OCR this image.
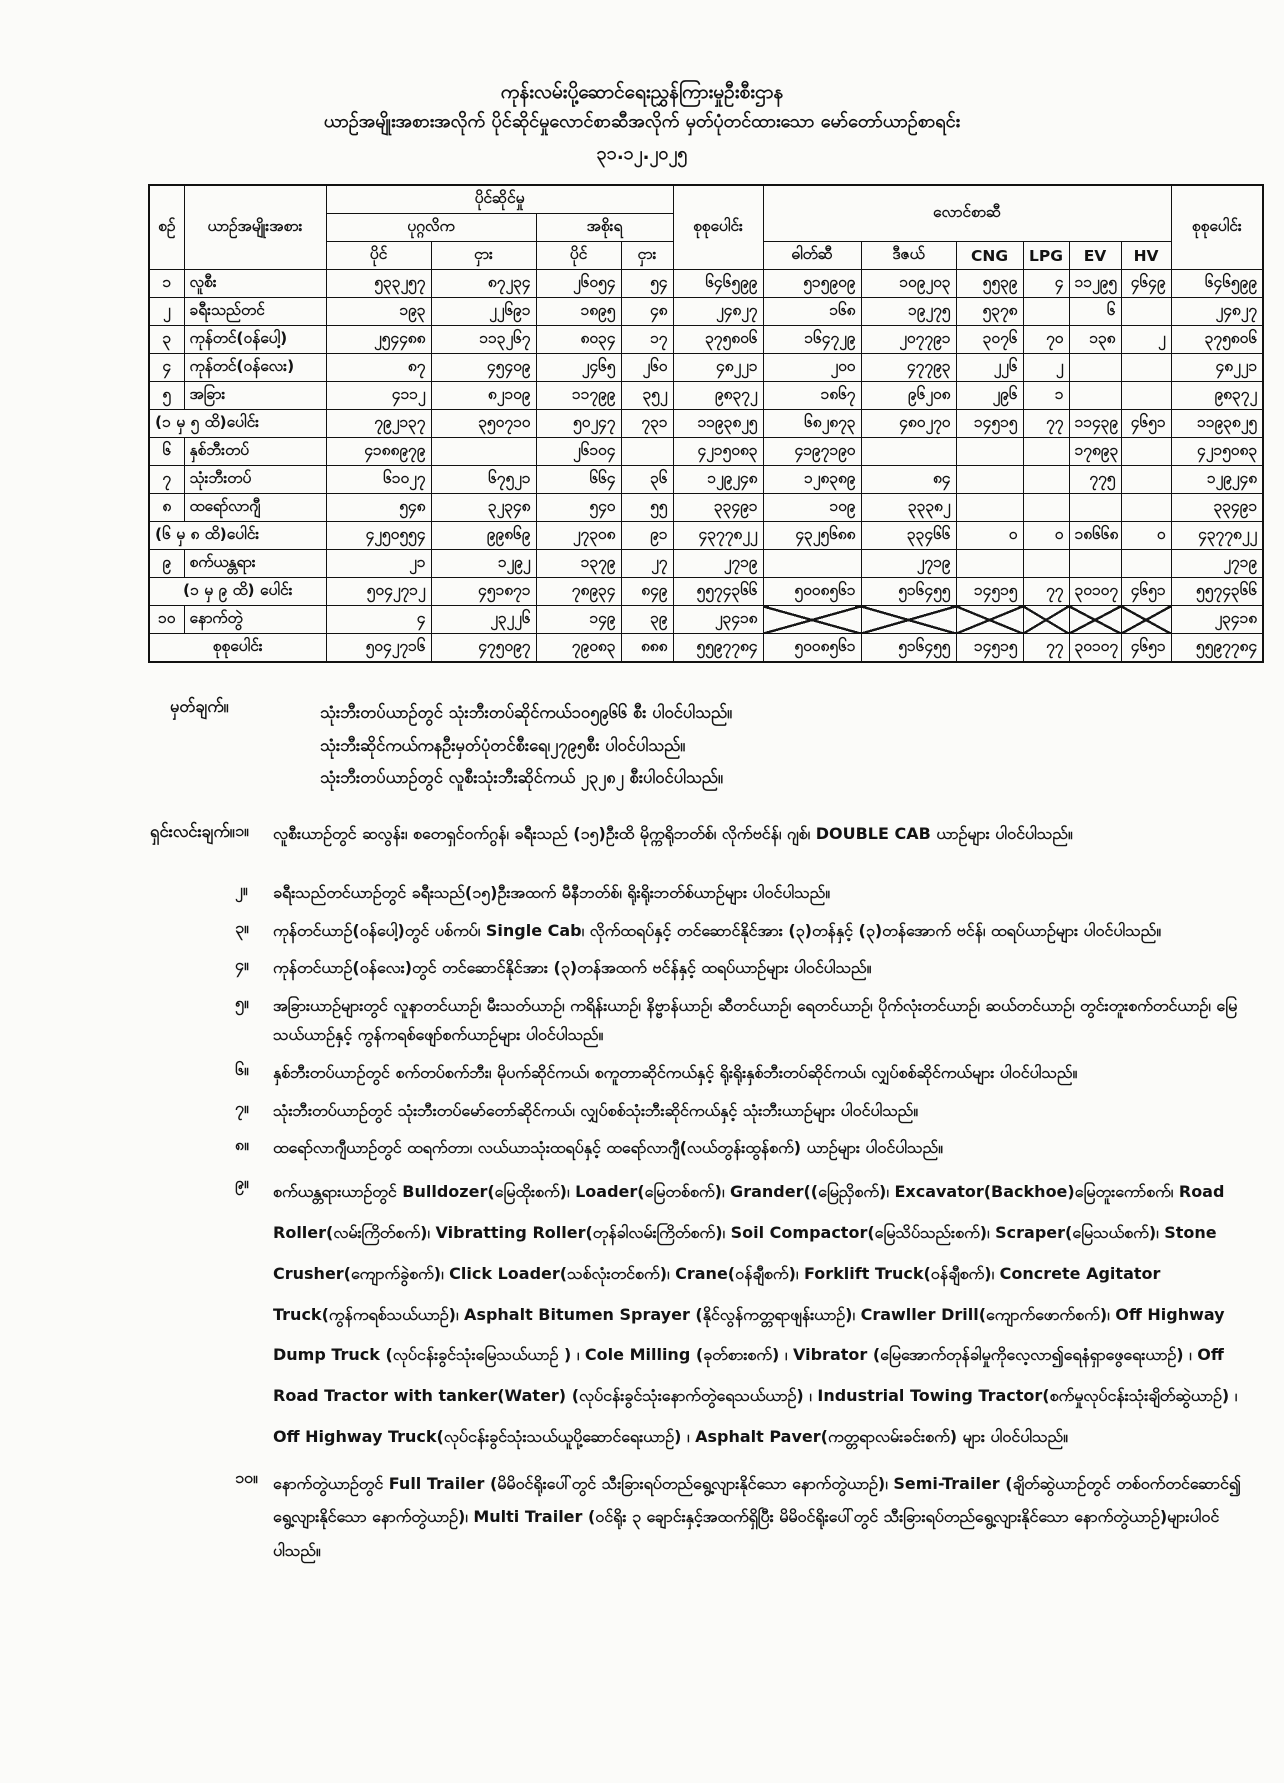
ကုန်းလမ်းပို့ဆောင်ရေးညွှန်ကြားမှုဦးစီးဌာန
ယာဉ်အမျိုးအစားအလိုက် ပိုင်ဆိုင်မှုလောင်စာဆီအလိုက် မှတ်ပုံတင်ထားသော မော်တော်ယာဉ်စာရင်း
၃၁.၁၂.၂၀၂၅
စဉ်	ယာဉ်အမျိုးအစား	ပိုင်ဆိုင်မှု				စုစုပေါင်း	လောင်စာဆီ						စုစုပေါင်း
		ပုဂ္ဂလိက		အစိုးရ									
		ပိုင်	ငှား	ပိုင်	ငှား		ဓါတ်ဆီ	ဒီဇယ်	CNG	LPG	EV	HV	
၁	လူစီး	၅၃၃၂၅၇	၈၇၂၃၄	၂၆၀၅၄	၅၄	၆၄၆၅၉၉	၅၁၅၉၀၉	၁၀၉၂၀၃	၅၅၃၉	၄	၁၁၂၉၅	၄၆၄၉	၆၄၆၅၉၉
၂	ခရီးသည်တင်	၁၉၃	၂၂၆၉၁	၁၈၉၅	၄၈	၂၄၈၂၇	၁၆၈	၁၉၂၇၅	၅၃၇၈		၆		၂၄၈၂၇
၃	ကုန်တင်(ဝန်ပေါ့)	၂၅၄၄၈၈	၁၁၃၂၆၇	၈၀၃၄	၁၇	၃၇၅၈၀၆	၁၆၄၇၂၉	၂၀၇၇၉၁	၃၀၇၆	၇၀	၁၃၈	၂	၃၇၅၈၀၆
၄	ကုန်တင်(ဝန်လေး)	၈၇	၄၅၄၀၉	၂၄၆၅	၂၆၀	၄၈၂၂၁	၂၀၀	၄၇၇၉၃	၂၂၆	၂			၄၈၂၂၁
၅	အခြား	၄၁၁၂	၈၂၁၀၉	၁၁၇၉၉	၃၅၂	၉၈၃၇၂	၁၈၆၇	၉၆၂၀၈	၂၉၆	၁			၉၈၃၇၂
(၁ မှ ၅ ထိ)ပေါင်း		၇၉၂၁၃၇	၃၅၀၇၁၀	၅၀၂၄၇	၇၃၁	၁၁၉၃၈၂၅	၆၈၂၈၇၃	၄၈၀၂၇၀	၁၄၅၁၅	၇၇	၁၁၄၃၉	၄၆၅၁	၁၁၉၃၈၂၅
၆	နှစ်ဘီးတပ်	၄၁၈၈၉၇၉		၂၆၁၀၄		၄၂၁၅၀၈၃	၄၁၉၇၁၉၀				၁၇၈၉၃		၄၂၁၅၀၈၃
၇	သုံးဘီးတပ်	၆၁၀၂၇	၆၇၅၂၁	၆၆၄	၃၆	၁၂၉၂၄၈	၁၂၈၃၈၉	၈၄			၇၇၅		၁၂၉၂၄၈
၈	ထရော်လာဂျီ	၅၄၈	၃၂၃၄၈	၅၄၀	၅၅	၃၃၄၉၁	၁၀၉	၃၃၃၈၂					၃၃၄၉၁
(၆ မှ ၈ ထိ)ပေါင်း		၄၂၅၀၅၅၄	၉၉၈၆၉	၂၇၃၀၈	၉၁	၄၃၇၇၈၂၂	၄၃၂၅၆၈၈	၃၃၄၆၆	၀	၀	၁၈၆၆၈	၀	၄၃၇၇၈၂၂
၉	စက်ယန္တရား	၂၁	၁၂၉၂	၁၃၇၉	၂၇	၂၇၁၉		၂၇၁၉					၂၇၁၉
(၁ မှ ၉ ထိ) ပေါင်း		၅၀၄၂၇၁၂	၄၅၁၈၇၁	၇၈၉၃၄	၈၄၉	၅၅၇၄၃၆၆	၅၀၀၈၅၆၁	၅၁၆၄၅၅	၁၄၅၁၅	၇၇	၃၀၁၀၇	၄၆၅၁	၅၅၇၄၃၆၆
၁၀	နောက်တွဲ	၄	၂၃၂၂၆	၁၄၉	၃၉	၂၃၄၁၈							၂၃၄၁၈
စုစုပေါင်း		၅၀၄၂၇၁၆	၄၇၅၀၉၇	၇၉၀၈၃	၈၈၈	၅၅၉၇၇၈၄	၅၀၀၈၅၆၁	၅၁၆၄၅၅	၁၄၅၁၅	၇၇	၃၀၁၀၇	၄၆၅၁	၅၅၉၇၇၈၄
မှတ်ချက်။	သုံးဘီးတပ်ယာဉ်တွင် သုံးဘီးတပ်ဆိုင်ကယ်၁၀၅၉၆၆ စီး ပါဝင်ပါသည်။
သုံးဘီးဆိုင်ကယ်ကနဦးမှတ်ပုံတင်စီးရေ၊၂၇၉၅စီး ပါဝင်ပါသည်။
သုံးဘီးတပ်ယာဉ်တွင် လူစီးသုံးဘီးဆိုင်ကယ် ၂၃၂၈၂ စီးပါဝင်ပါသည်။
ရှင်းလင်းချက်။ ၁။	လူစီးယာဉ်တွင် ဆလွန်း၊ စတေရှင်ဝက်ဂွန်၊ ခရီးသည် (၁၅)ဦးထိ မိုက္ကရိုဘတ်စ်၊ လိုက်ဗင်န်၊ ဂျစ်၊ DOUBLE CAB ယာဉ်များ ပါဝင်ပါသည်။
၂။	ခရီးသည်တင်ယာဉ်တွင် ခရီးသည်(၁၅)ဦးအထက် မီနီဘတ်စ်၊ ရိုးရိုးဘတ်စ်ယာဉ်များ ပါဝင်ပါသည်။
၃။	ကုန်တင်ယာဉ်(ဝန်ပေါ့)တွင် ပစ်ကပ်၊ Single Cab၊ လိုက်ထရပ်နှင့် တင်ဆောင်နိုင်အား (၃)တန်နှင့် (၃)တန်အောက် ဗင်န်၊ ထရပ်ယာဉ်များ ပါဝင်ပါသည်။
၄။	ကုန်တင်ယာဉ်(ဝန်လေး)တွင် တင်ဆောင်နိုင်အား (၃)တန်အထက် ဗင်န်နှင့် ထရပ်ယာဉ်များ ပါဝင်ပါသည်။
၅။	အခြားယာဉ်များတွင် လူနာတင်ယာဉ်၊ မီးသတ်ယာဉ်၊ ကရိန်းယာဉ်၊ နိဗ္ဗာန်ယာဉ်၊ ဆီတင်ယာဉ်၊ ရေတင်ယာဉ်၊ ပိုက်လုံးတင်ယာဉ်၊ ဆယ်တင်ယာဉ်၊ တွင်းတူးစက်တင်ယာဉ်၊ မြေသယ်ယာဉ်နှင့် ကွန်ကရစ်ဖျော်စက်ယာဉ်များ ပါဝင်ပါသည်။
၆။	နှစ်ဘီးတပ်ယာဉ်တွင် စက်တပ်စက်ဘီး၊ မိုပက်ဆိုင်ကယ်၊ စကူတာဆိုင်ကယ်နှင့် ရိုးရိုးနှစ်ဘီးတပ်ဆိုင်ကယ်၊ လျှပ်စစ်ဆိုင်ကယ်များ ပါဝင်ပါသည်။
၇။	သုံးဘီးတပ်ယာဉ်တွင် သုံးဘီးတပ်မော်တော်ဆိုင်ကယ်၊ လျှပ်စစ်သုံးဘီးဆိုင်ကယ်နှင့် သုံးဘီးယာဉ်များ ပါဝင်ပါသည်။
၈။	ထရော်လာဂျီယာဉ်တွင် ထရက်တာ၊ လယ်ယာသုံးထရပ်နှင့် ထရော်လာဂျီ(လယ်တွန်းထွန်စက်) ယာဉ်များ ပါဝင်ပါသည်။
၉။	စက်ယန္တရားယာဉ်တွင် Bulldozer(မြေထိုးစက်)၊ Loader(မြေတစ်စက်)၊ Grander((မြေညှိစက်)၊ Excavator(Backhoe)မြေတူးကော်စက်၊ Road Roller(လမ်းကြိတ်စက်)၊ Vibratting Roller(တုန်ခါလမ်းကြိတ်စက်)၊ Soil Compactor(မြေသိပ်သည်းစက်)၊ Scraper(မြေသယ်စက်)၊ Stone Crusher(ကျောက်ခွဲစက်)၊ Click Loader(သစ်လုံးတင်စက်)၊ Crane(ဝန်ချီစက်)၊ Forklift Truck(ဝန်ချီစက်)၊ Concrete Agitator Truck(ကွန်ကရစ်သယ်ယာဉ်)၊ Asphalt Bitumen Sprayer (နိုင်လွန်ကတ္တရာဖျန်းယာဉ်)၊ Crawller Drill(ကျောက်ဖောက်စက်)၊ Off Highway Dump Truck (လုပ်ငန်းခွင်သုံးမြေသယ်ယာဉ် ) ၊ Cole Milling (ခုတ်စားစက်) ၊ Vibrator (မြေအောက်တုန်ခါမှုကိုလေ့လာ၍ရေနံရှာဖွေရေးယာဉ်) ၊ Off Road Tractor with tanker(Water) (လုပ်ငန်းခွင်သုံးနောက်တွဲရေသယ်ယာဉ်) ၊ Industrial Towing Tractor(စက်မှုလုပ်ငန်းသုံးချိတ်ဆွဲယာဉ်) ၊ Off Highway Truck(လုပ်ငန်းခွင်သုံးသယ်ယူပို့ဆောင်ရေးယာဉ်) ၊ Asphalt Paver(ကတ္တရာလမ်းခင်းစက်) များ ပါဝင်ပါသည်။
၁၀။ နောက်တွဲယာဉ်တွင် Full Trailer (မိမိဝင်ရိုးပေါ်တွင် သီးခြားရပ်တည်ရွေ့လျားနိုင်သော နောက်တွဲယာဉ်)၊ Semi-Trailer (ချိတ်ဆွဲယာဉ်တွင် တစ်ဝက်တင်ဆောင်၍ ရွေ့လျားနိုင်သော နောက်တွဲယာဉ်)၊ Multi Trailer (ဝင်ရိုး ၃ ချောင်းနှင့်အထက်ရှိပြီး မိမိဝင်ရိုးပေါ်တွင် သီးခြားရပ်တည်ရွေ့လျားနိုင်သော နောက်တွဲယာဉ်)များပါဝင်ပါသည်။
